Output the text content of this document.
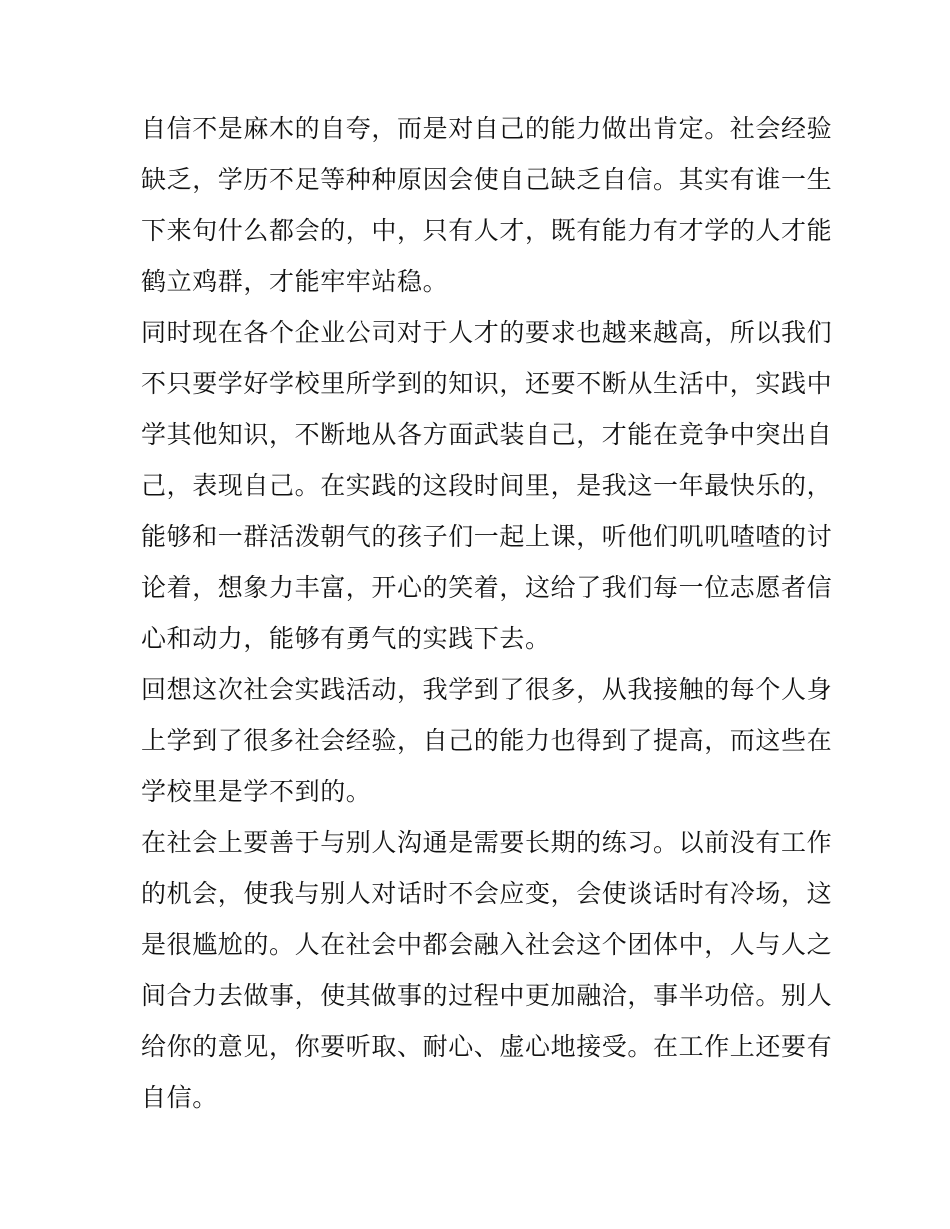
自信不是麻木的自夸，而是对自己的能力做出肯定。社会经验
缺乏，学历不足等种种原因会使自己缺乏自信。其实有谁一生
下来句什么都会的，中，只有人才，既有能力有才学的人才能
鹤立鸡群，才能牢牢站稳。
同时现在各个企业公司对于人才的要求也越来越高，所以我们
不只要学好学校里所学到的知识，还要不断从生活中，实践中
学其他知识，不断地从各方面武装自己，才能在竞争中突出自
己，表现自己。在实践的这段时间里，是我这一年最快乐的，
能够和一群活泼朝气的孩子们一起上课，听他们叽叽喳喳的讨
论着，想象力丰富，开心的笑着，这给了我们每一位志愿者信
心和动力，能够有勇气的实践下去。
回想这次社会实践活动，我学到了很多，从我接触的每个人身
上学到了很多社会经验，自己的能力也得到了提高，而这些在
学校里是学不到的。
在社会上要善于与别人沟通是需要长期的练习。以前没有工作
的机会，使我与别人对话时不会应变，会使谈话时有冷场，这
是很尴尬的。人在社会中都会融入社会这个团体中，人与人之
间合力去做事，使其做事的过程中更加融洽，事半功倍。别人
给你的意见，你要听取、耐心、虚心地接受。在工作上还要有
自信。
